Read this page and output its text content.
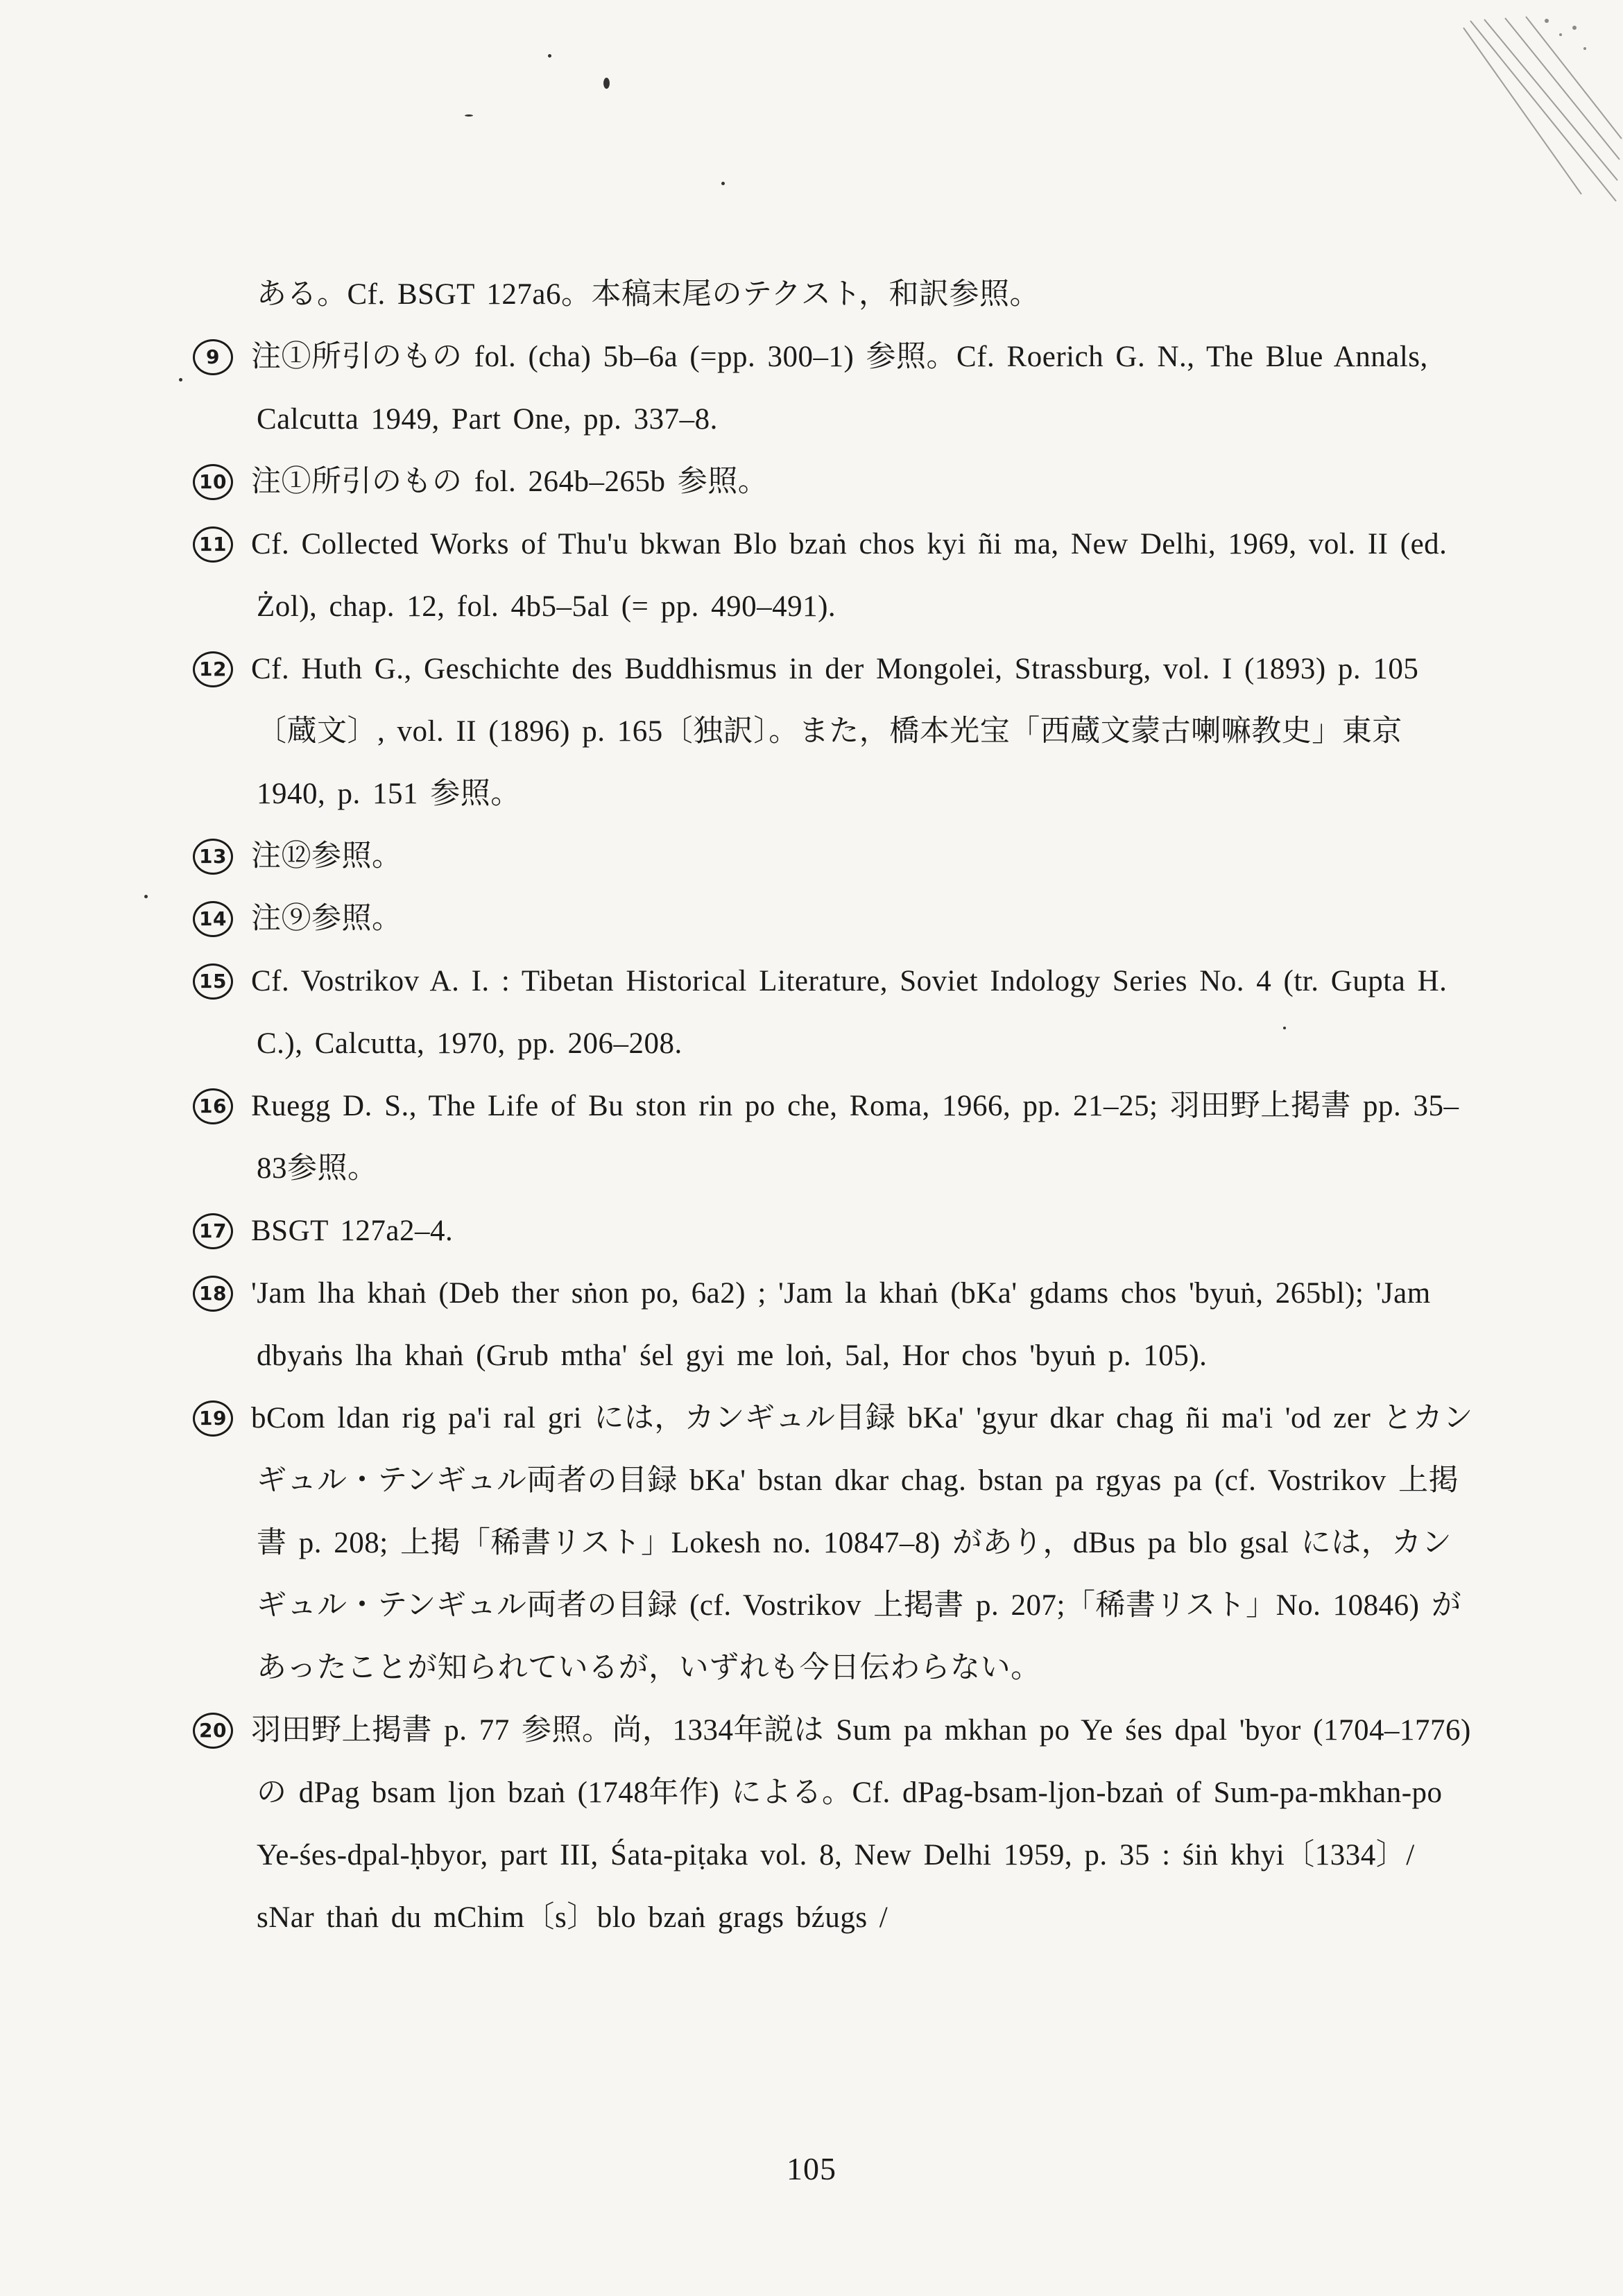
ある。Cf. BSGT 127a6。本稿末尾のテクスト，和訳参照。

9 注①所引のもの fol. (cha) 5b–6a (=pp. 300–1) 参照。Cf. Roerich G. N., The Blue Annals, Calcutta 1949, Part One, pp. 337–8.

10 注①所引のもの fol. 264b–265b 参照。

11 Cf. Collected Works of Thu'u bkwan Blo bzaṅ chos kyi ñi ma, New Delhi, 1969, vol. II (ed. Żol), chap. 12, fol. 4b5–5al (= pp. 490–491).

12 Cf. Huth G., Geschichte des Buddhismus in der Mongolei, Strassburg, vol. I (1893) p. 105〔蔵文〕, vol. II (1896) p. 165〔独訳〕。また，橋本光宝「西蔵文蒙古喇嘛教史」東京 1940, p. 151 参照。

13 注⑫参照。

14 注⑨参照。

15 Cf. Vostrikov A. I. : Tibetan Historical Literature, Soviet Indology Series No. 4 (tr. Gupta H. C.), Calcutta, 1970, pp. 206–208.

16 Ruegg D. S., The Life of Bu ston rin po che, Roma, 1966, pp. 21–25; 羽田野上掲書 pp. 35–83参照。

17 BSGT 127a2–4.

18 'Jam lha khaṅ (Deb ther sṅon po, 6a2) ; 'Jam la khaṅ (bKa' gdams chos 'byuṅ, 265bl); 'Jam dbyaṅs lha khaṅ (Grub mtha' śel gyi me loṅ, 5al, Hor chos 'byuṅ p. 105).

19 bCom ldan rig pa'i ral gri には，カンギュル目録 bKa' 'gyur dkar chag ñi ma'i 'od zer とカンギュル・テンギュル両者の目録 bKa' bstan dkar chag. bstan pa rgyas pa (cf. Vostrikov 上掲書 p. 208; 上掲「稀書リスト」Lokesh no. 10847–8) があり，dBus pa blo gsal には，カンギュル・テンギュル両者の目録 (cf. Vostrikov 上掲書 p. 207;「稀書リスト」No. 10846) があったことが知られているが，いずれも今日伝わらない。

20 羽田野上掲書 p. 77 参照。尚，1334年説は Sum pa mkhan po Ye śes dpal 'byor (1704–1776) の dPag bsam ljon bzaṅ (1748年作) による。Cf. dPag-bsam-ljon-bzaṅ of Sum-pa-mkhan-po Ye-śes-dpal-ḥbyor, part III, Śata-piṭaka vol. 8, New Delhi 1959, p. 35 : śiṅ khyi〔1334〕/ sNar thaṅ du mChim〔s〕blo bzaṅ grags bźugs /

105
